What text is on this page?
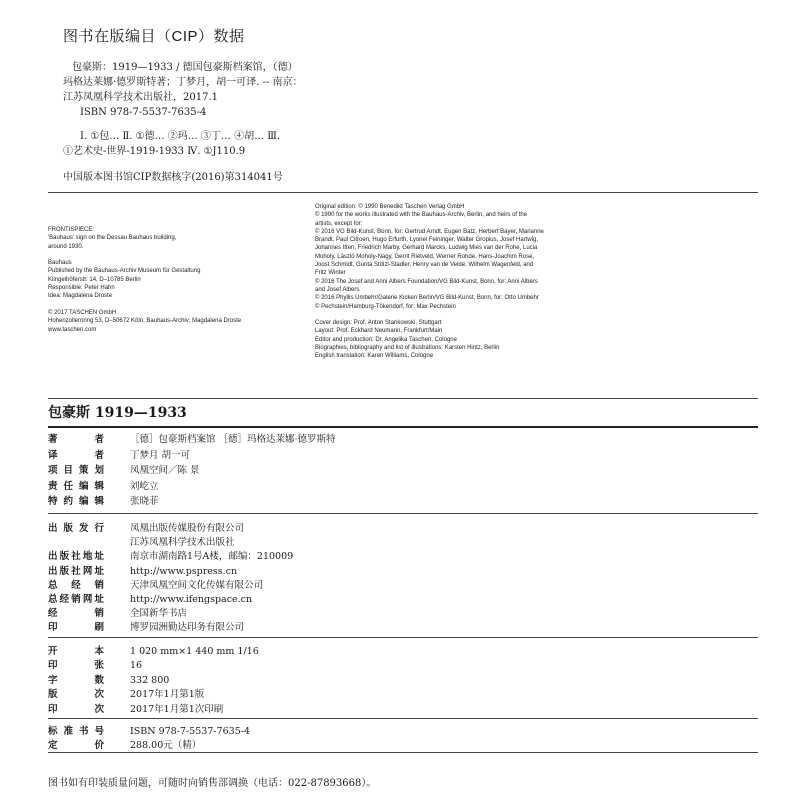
图书在版编目（CIP）数据
包豪斯：1919—1933 / 德国包豪斯档案馆，（德）
玛格达莱娜·德罗斯特著；丁梦月，胡一可译. -- 南京：
江苏凤凰科学技术出版社，2017.1
ISBN 978-7-5537-7635-4
Ⅰ. ①包… Ⅱ. ①德… ②玛… ③丁… ④胡… Ⅲ.
①艺术史-世界-1919-1933 Ⅳ. ①J110.9
中国版本图书馆CIP数据核字(2016)第314041号
FRONTISPIECE:
'Bauhaus' sign on the Dessau Bauhaus building,
around 1930.
Bauhaus
Published by the Bauhaus-Archiv Museum für Gestaltung
Klingelhöferstr. 14, D–10785 Berlin
Responsible: Peter Hahn
Idea: Magdalena Droste
© 2017 TASCHEN GmbH
Hohenzollernring 53, D–50672 Köln; Bauhaus-Archiv; Magdalena Droste
www.taschen.com
Original edition: © 1990 Benedikt Taschen Verlag GmbH
© 1990 for the works illustrated with the Bauhaus-Archiv, Berlin, and heirs of the
artists, except for:
© 2016 VG Bild-Kunst, Bonn, for: Gertrud Arndt, Eugen Batz, Herbert Bayer, Marianne
Brandt, Paul Citroen, Hugo Erfurth, Lyonel Feininger, Walter Gropius, Josef Hartwig,
Johannes Itten, Friedrich Marby, Gerhard Marcks, Ludwig Mies van der Rohe, Lucia
Moholy, László Moholy-Nagy, Gerrit Rietveld, Werner Rohde, Hans-Joachim Rose,
Joost Schmidt, Gunta Stölzl-Stadler, Henry van de Velde, Wilhelm Wagenfeld, and
Fritz Winter
© 2016 The Josef and Anni Albers Foundation/VG Bild-Kunst, Bonn, for: Anni Albers
and Josef Albers
© 2016 Phyllis Umbehr/Galerie Kicken Berlin/VG Bild-Kunst, Bonn, for: Otto Umbehr
© Pechstein/Hamburg-Tökendorf, for: Max Pechstein
Cover design: Prof. Anton Stankowski, Stuttgart
Layout: Prof. Eckhard Neumann, Frankfurt/Main
Editor and production: Dr. Angelika Taschen, Cologne
Biographies, bibliography and list of illustrations: Karsten Hintz, Berlin
English translation: Karen Williams, Cologne
包豪斯 1919—1933
著	者	［德］包豪斯档案馆 ［德］玛格达莱娜·德罗斯特
译	者	丁梦月 胡一可
项 目 策 划	凤凰空间／陈 景
责 任 编 辑	刘屹立
特 约 编 辑	张晓菲
出 版 发 行	凤凰出版传媒股份有限公司
江苏凤凰科学技术出版社
出 版 社 地 址	南京市湖南路1号A楼，邮编：210009
出 版 社 网 址	http://www.pspress.cn
总 经 销	天津凤凰空间文化传媒有限公司
总 经 销 网 址	http://www.ifengspace.cn
经	销	全国新华书店
印	刷	博罗园洲勤达印务有限公司
开	本	1 020 mm×1 440 mm 1/16
印	张	16
字	数	332 800
版	次	2017年1月第1版
印	次	2017年1月第1次印刷
标 准 书 号	ISBN 978-7-5537-7635-4
定	价	288.00元（精）
图书如有印装质量问题，可随时向销售部调换（电话：022-87893668）。
